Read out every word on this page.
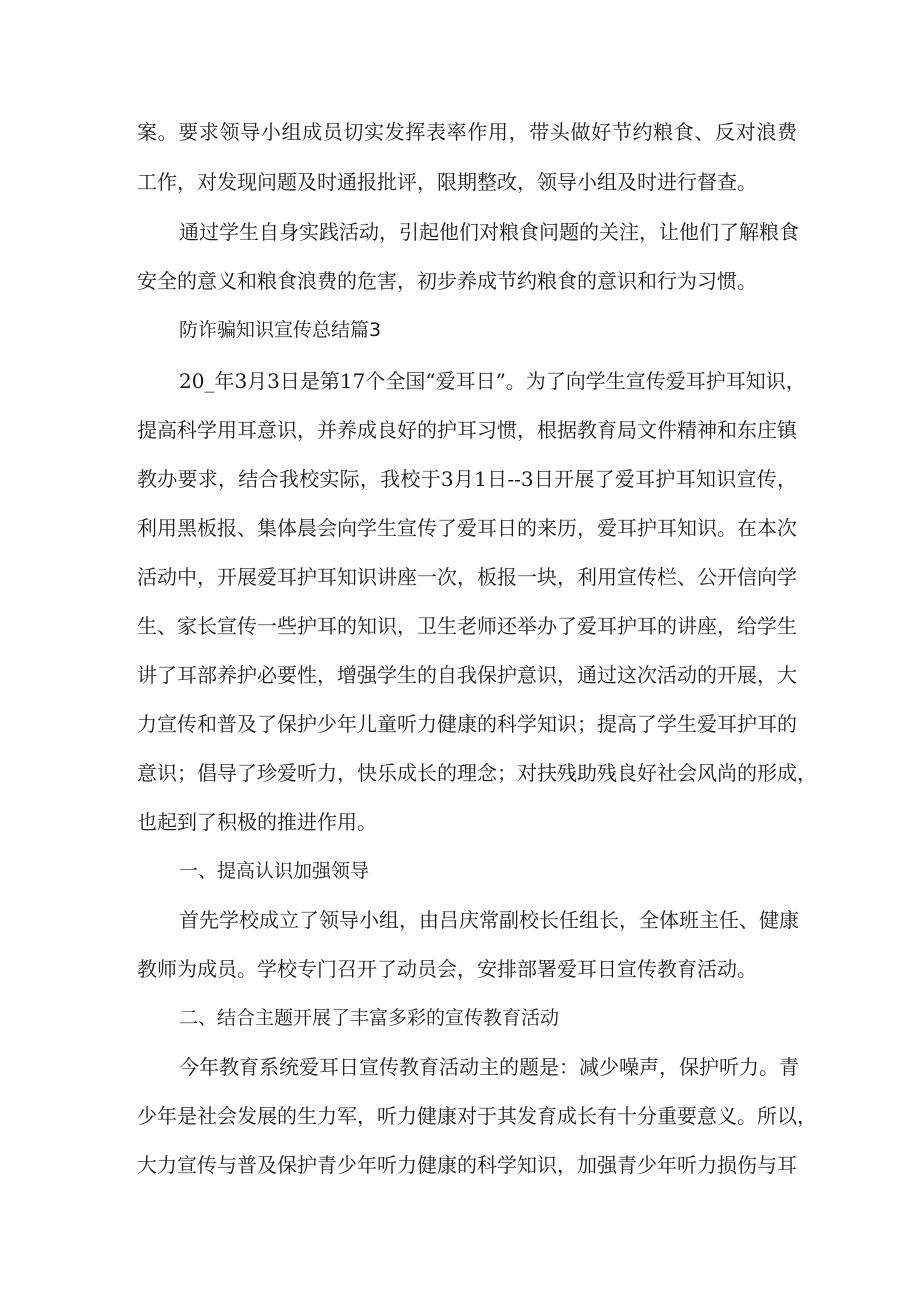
案。要求领导小组成员切实发挥表率作用，带头做好节约粮食、反对浪费
工作，对发现问题及时通报批评，限期整改，领导小组及时进行督查。
通过学生自身实践活动，引起他们对粮食问题的关注，让他们了解粮食
安全的意义和粮食浪费的危害，初步养成节约粮食的意识和行为习惯。
防诈骗知识宣传总结篇3
20_年3月3日是第17个全国“爱耳日”。为了向学生宣传爱耳护耳知识，
提高科学用耳意识，并养成良好的护耳习惯，根据教育局文件精神和东庄镇
教办要求，结合我校实际，我校于3月1日--3日开展了爱耳护耳知识宣传，
利用黑板报、集体晨会向学生宣传了爱耳日的来历，爱耳护耳知识。在本次
活动中，开展爱耳护耳知识讲座一次，板报一块，利用宣传栏、公开信向学
生、家长宣传一些护耳的知识，卫生老师还举办了爱耳护耳的讲座，给学生
讲了耳部养护必要性，增强学生的自我保护意识，通过这次活动的开展，大
力宣传和普及了保护少年儿童听力健康的科学知识；提高了学生爱耳护耳的
意识；倡导了珍爱听力，快乐成长的理念；对扶残助残良好社会风尚的形成，
也起到了积极的推进作用。
一、提高认识加强领导
首先学校成立了领导小组，由吕庆常副校长任组长，全体班主任、健康
教师为成员。学校专门召开了动员会，安排部署爱耳日宣传教育活动。
二、结合主题开展了丰富多彩的宣传教育活动
今年教育系统爱耳日宣传教育活动主的题是：减少噪声，保护听力。青
少年是社会发展的生力军，听力健康对于其发育成长有十分重要意义。所以，
大力宣传与普及保护青少年听力健康的科学知识，加强青少年听力损伤与耳
